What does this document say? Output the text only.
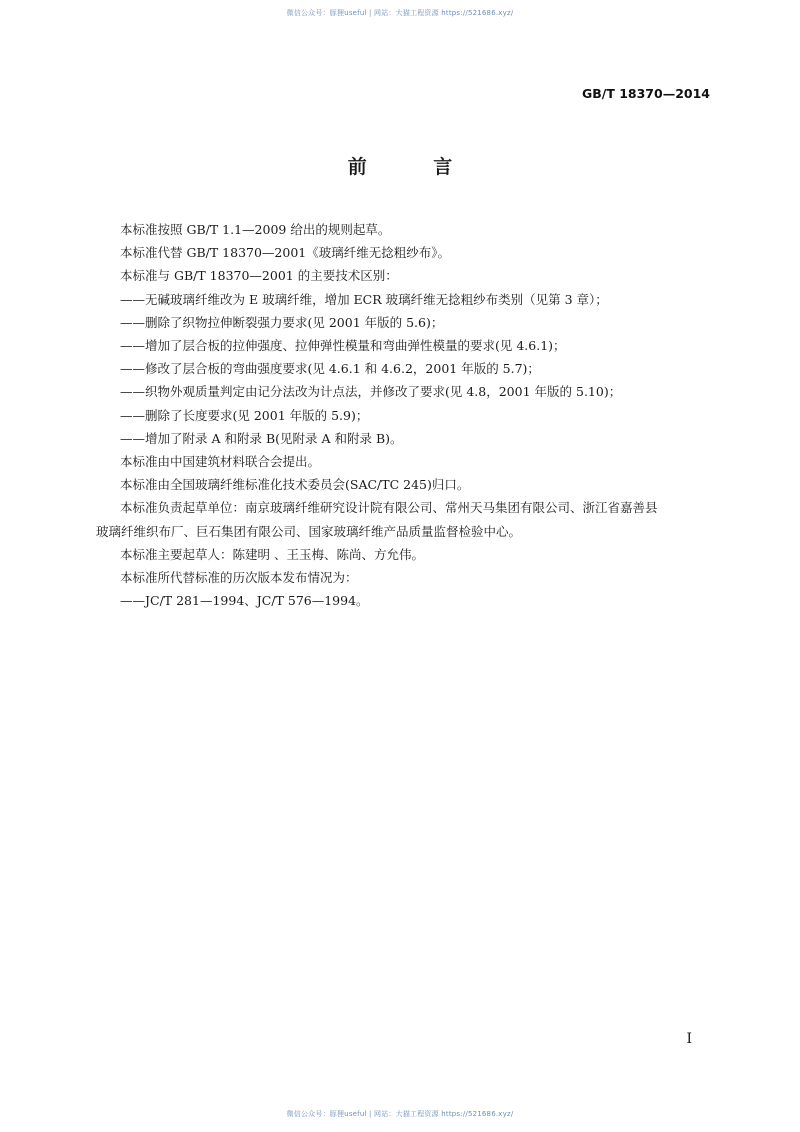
微信公众号：豚狸useful | 网站：大猫工程资源 https://521686.xyz/
GB/T 18370—2014
前 言
本标准按照 GB/T 1.1—2009 给出的规则起草。
本标准代替 GB/T 18370—2001《玻璃纤维无捻粗纱布》。
本标准与 GB/T 18370—2001 的主要技术区别：
——无碱玻璃纤维改为 E 玻璃纤维，增加 ECR 玻璃纤维无捻粗纱布类别（见第 3 章）；
——删除了织物拉伸断裂强力要求(见 2001 年版的 5.6)；
——增加了层合板的拉伸强度、拉伸弹性模量和弯曲弹性模量的要求(见 4.6.1)；
——修改了层合板的弯曲强度要求(见 4.6.1 和 4.6.2，2001 年版的 5.7)；
——织物外观质量判定由记分法改为计点法，并修改了要求(见 4.8，2001 年版的 5.10)；
——删除了长度要求(见 2001 年版的 5.9)；
——增加了附录 A 和附录 B(见附录 A 和附录 B)。
本标准由中国建筑材料联合会提出。
本标准由全国玻璃纤维标准化技术委员会(SAC/TC 245)归口。
本标准负责起草单位：南京玻璃纤维研究设计院有限公司、常州天马集团有限公司、浙江省嘉善县
玻璃纤维织布厂、巨石集团有限公司、国家玻璃纤维产品质量监督检验中心。
本标准主要起草人：陈建明 、王玉梅、陈尚、方允伟。
本标准所代替标准的历次版本发布情况为：
——JC/T 281—1994、JC/T 576—1994。
I
微信公众号：豚狸useful | 网站：大猫工程资源 https://521686.xyz/
